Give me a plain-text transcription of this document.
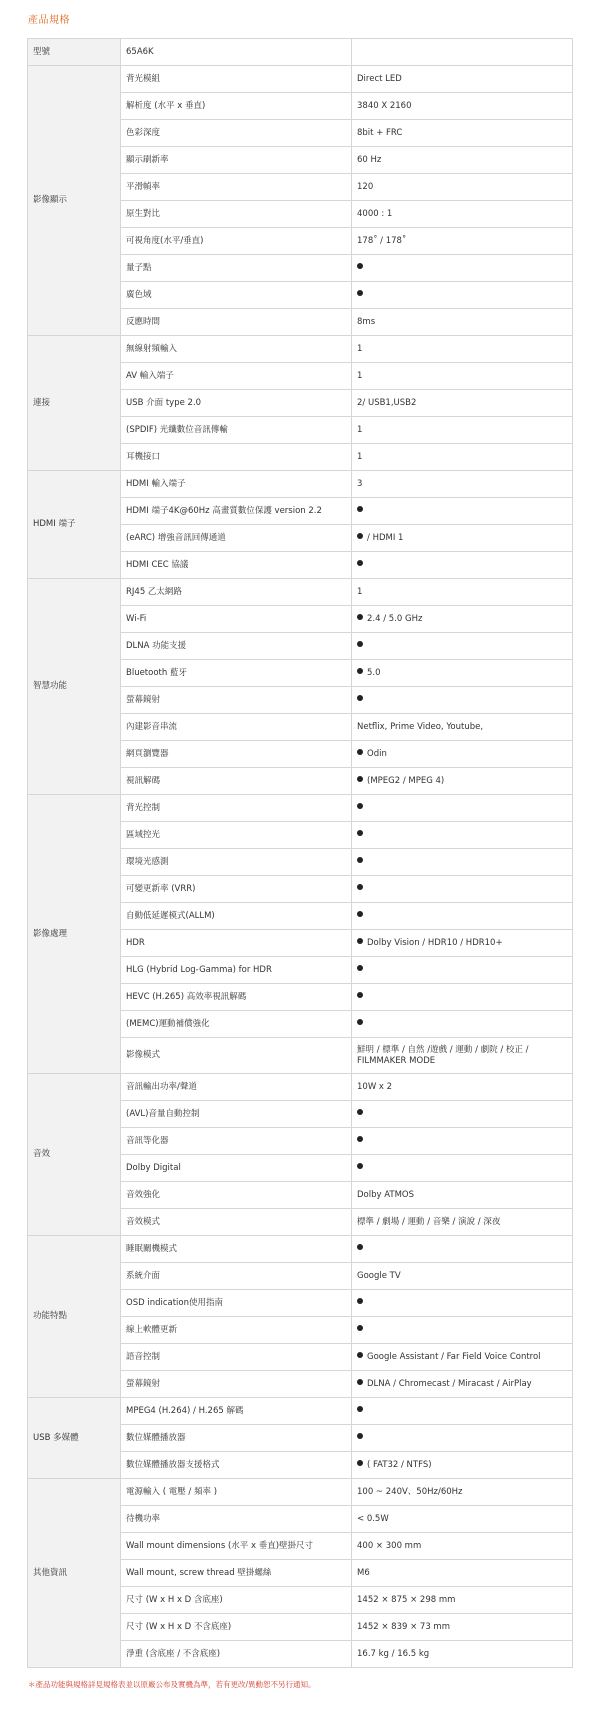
產品規格
型號	65A6K	
影像顯示	背光模組	Direct LED
	解析度 (水平 x 垂直)	3840 X 2160
	色彩深度	8bit + FRC
	顯示刷新率	60 Hz
	平滑幀率	120
	原生對比	4000 : 1
	可視角度(水平/垂直)	178˚ / 178˚
	量子點	
	廣色域	
	反應時間	8ms
連接	無線射頻輸入	1
	AV 輸入端子	1
	USB 介面 type 2.0	2/ USB1,USB2
	(SPDIF) 光纖數位音訊傳輸	1
	耳機接口	1
HDMI 端子	HDMI 輸入端子	3
	HDMI 端子4K@60Hz 高畫質數位保護 version 2.2	
	(eARC) 增強音訊回傳通道	/ HDMI 1
	HDMI CEC 協議	
智慧功能	RJ45 乙太網路	1
	Wi-Fi	2.4 / 5.0 GHz
	DLNA 功能支援	
	Bluetooth 藍牙	5.0
	螢幕鏡射	
	內建影音串流	Netflix, Prime Video, Youtube,
	網頁瀏覽器	Odin
	視訊解碼	(MPEG2 / MPEG 4)
影像處理	背光控制	
	區域控光	
	環境光感測	
	可變更新率 (VRR)	
	自動低延遲模式(ALLM)	
	HDR	Dolby Vision / HDR10 / HDR10+
	HLG (Hybrid Log-Gamma) for HDR	
	HEVC (H.265) 高效率視訊解碼	
	(MEMC)運動補償強化	
	影像模式	鮮明 / 標準 / 自然 /遊戲 / 運動 / 劇院 / 校正 / FILMMAKER MODE
音效	音訊輸出功率/聲道	10W x 2
	(AVL)音量自動控制	
	音訊等化器	
	Dolby Digital	
	音效強化	Dolby ATMOS
	音效模式	標準 / 劇場 / 運動 / 音樂 / 演說 / 深夜
功能特點	睡眠關機模式	
	系統介面	Google TV
	OSD indication使用指南	
	線上軟體更新	
	語音控制	Google Assistant / Far Field Voice Control
	螢幕鏡射	DLNA / Chromecast / Miracast / AirPlay
USB 多媒體	MPEG4 (H.264) / H.265 解碼	
	數位媒體播放器	
	數位媒體播放器支援格式	( FAT32 / NTFS)
其他資訊	電源輸入 ( 電壓 / 頻率 )	100 ~ 240V、50Hz/60Hz
	待機功率	< 0.5W
	Wall mount dimensions (水平 x 垂直)壁掛尺寸	400 × 300 mm
	Wall mount, screw thread 壁掛螺絲	M6
	尺寸 (W x H x D 含底座)	1452 × 875 × 298 mm
	尺寸 (W x H x D 不含底座)	1452 × 839 × 73 mm
	淨重 (含底座 / 不含底座)	16.7 kg / 16.5 kg
＊產品功能與規格詳見規格表並以原廠公布及實機為準，若有更改/異動恕不另行通知。
